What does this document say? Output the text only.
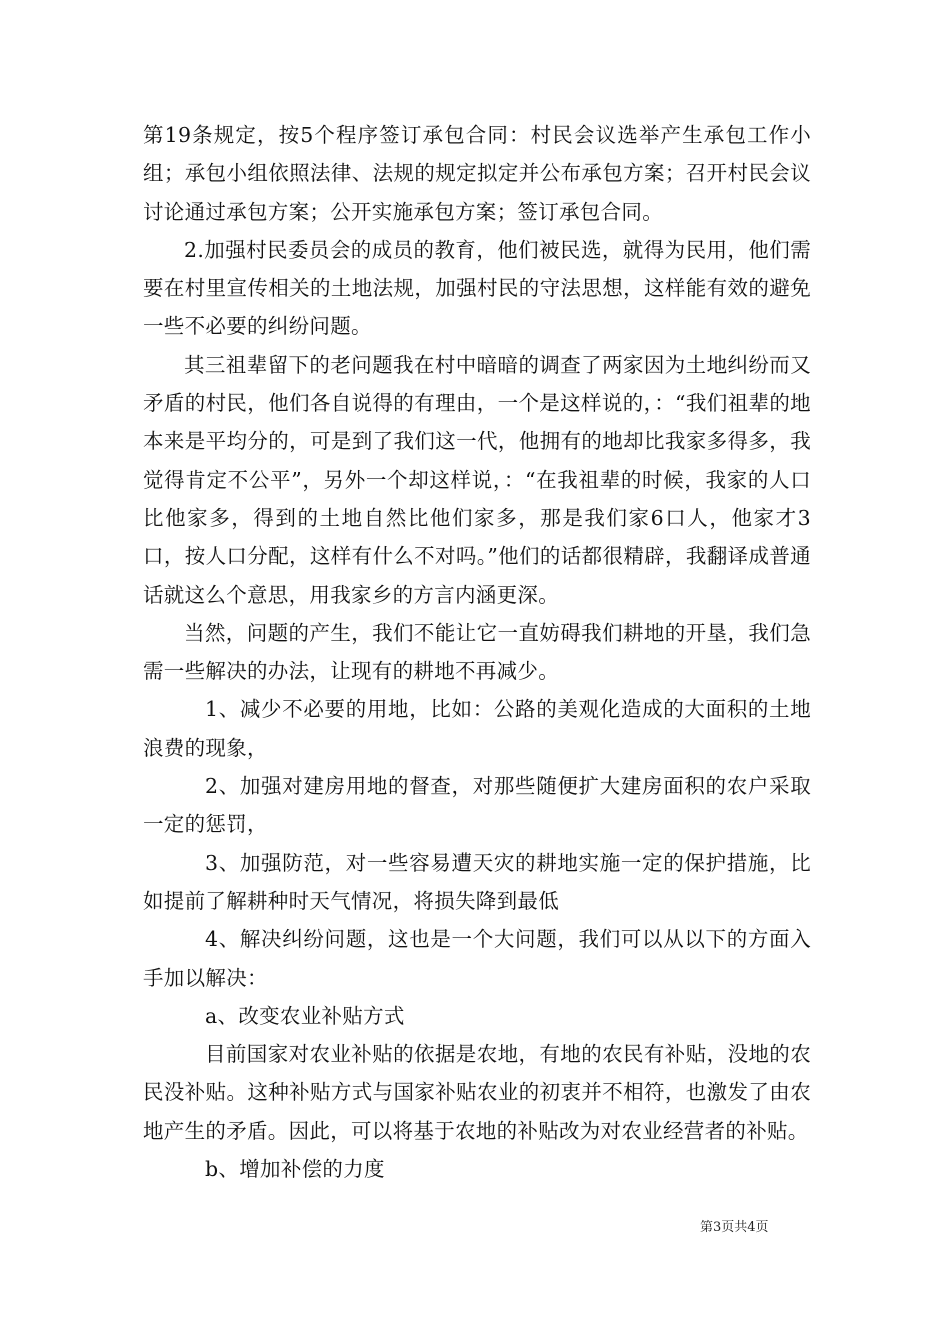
第19条规定，按5个程序签订承包合同：村民会议选举产生承包工作小组；承包小组依照法律、法规的规定拟定并公布承包方案；召开村民会议讨论通过承包方案；公开实施承包方案；签订承包合同。

2.加强村民委员会的成员的教育，他们被民选，就得为民用，他们需要在村里宣传相关的土地法规，加强村民的守法思想，这样能有效的避免一些不必要的纠纷问题。

其三祖辈留下的老问题我在村中暗暗的调查了两家因为土地纠纷而又矛盾的村民，他们各自说得的有理由，一个是这样说的，：“我们祖辈的地本来是平均分的，可是到了我们这一代，他拥有的地却比我家多得多，我觉得肯定不公平”，另外一个却这样说，：“在我祖辈的时候，我家的人口比他家多，得到的土地自然比他们家多，那是我们家6口人，他家才3口，按人口分配，这样有什么不对吗。”他们的话都很精辟，我翻译成普通话就这么个意思，用我家乡的方言内涵更深。

当然，问题的产生，我们不能让它一直妨碍我们耕地的开垦，我们急需一些解决的办法，让现有的耕地不再减少。

1、减少不必要的用地，比如：公路的美观化造成的大面积的土地浪费的现象，

2、加强对建房用地的督查，对那些随便扩大建房面积的农户采取一定的惩罚，

3、加强防范，对一些容易遭天灾的耕地实施一定的保护措施，比如提前了解耕种时天气情况，将损失降到最低

4、解决纠纷问题，这也是一个大问题，我们可以从以下的方面入手加以解决：

a、改变农业补贴方式

目前国家对农业补贴的依据是农地，有地的农民有补贴，没地的农民没补贴。这种补贴方式与国家补贴农业的初衷并不相符，也激发了由农地产生的矛盾。因此，可以将基于农地的补贴改为对农业经营者的补贴。

b、增加补偿的力度

第3页共4页
